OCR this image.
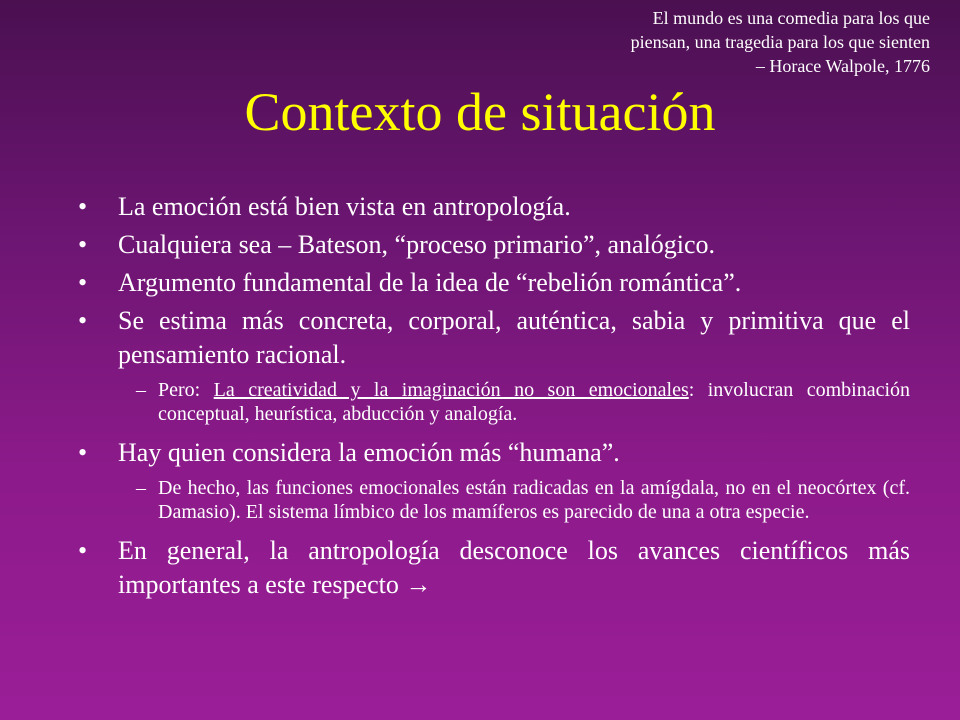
El mundo es una comedia para los que
piensan, una tragedia para los que sienten
– Horace Walpole, 1776
Contexto de situación
•	La emoción está bien vista en antropología.
•	Cualquiera sea – Bateson, “proceso primario”, analógico.
•	Argumento fundamental de la idea de “rebelión romántica”.
•	Se estima más concreta, corporal, auténtica, sabia y primitiva que el pensamiento racional.
– Pero: La creatividad y la imaginación no son emocionales: involucran combinación conceptual, heurística, abducción y analogía.
•	Hay quien considera la emoción más “humana”.
– De hecho, las funciones emocionales están radicadas en la amígdala, no en el neocórtex (cf. Damasio). El sistema límbico de los mamíferos es parecido de una a otra especie.
•	En general, la antropología desconoce los avances científicos más importantes a este respecto →
